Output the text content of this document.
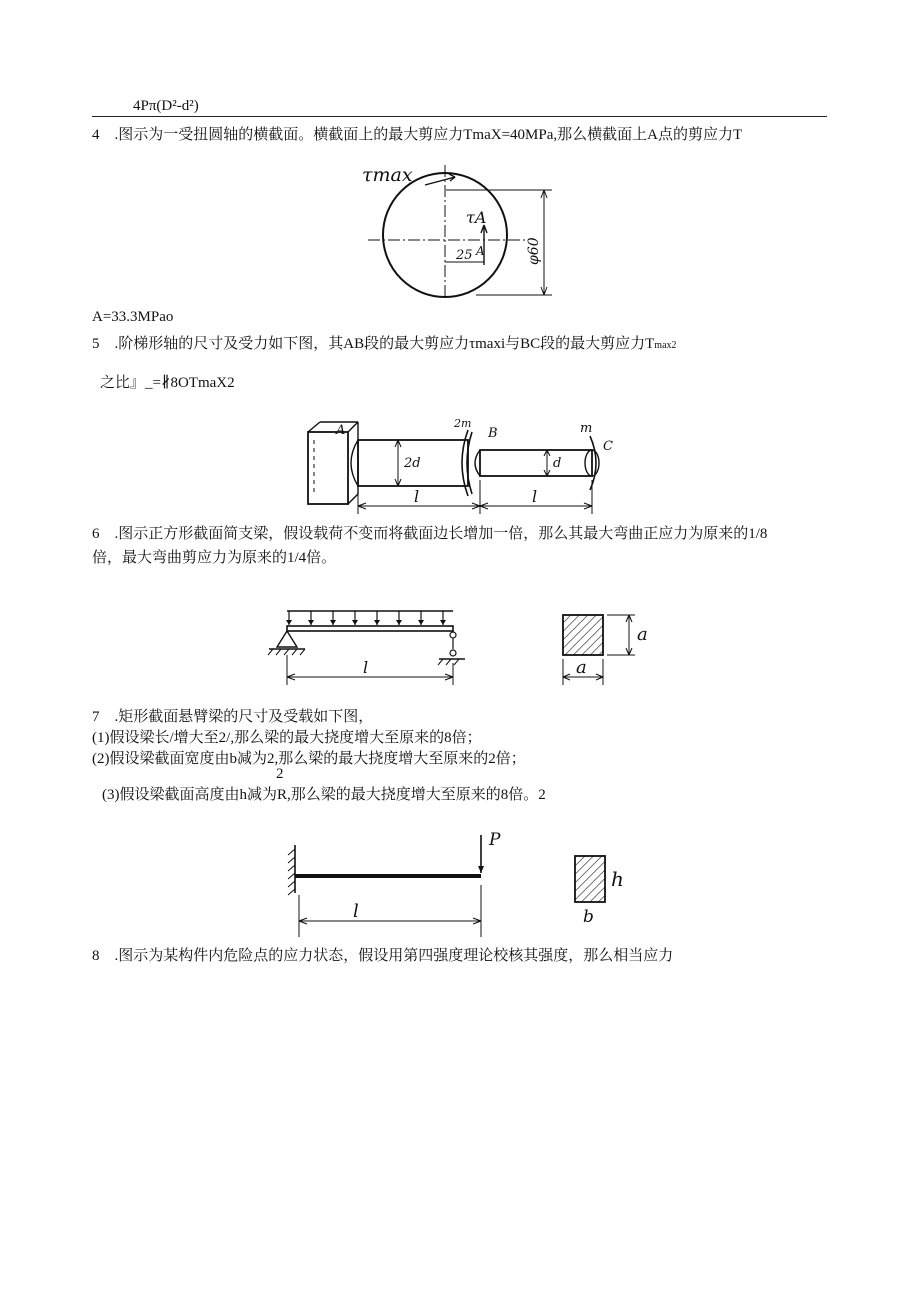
4Pπ(D²-d²)
4　.图示为一受扭圆轴的横截面。横截面上的最大剪应力TmaX=40MPa,那么横截面上A点的剪应力T
τmax
τA
25 A	φ60
A=33.3MPao
5　.阶梯形轴的尺寸及受力如下图，其AB段的最大剪应力τmaxi与BC段的最大剪应力Tmax2
之比』_=∦8OTmaX2
A
2d
2m
B
d
m
C
l	l
6　.图示正方形截面简支梁，假设载荷不变而将截面边长增加一倍，那么其最大弯曲正应力为原来的1/8
倍，最大弯曲剪应力为原来的1/4倍。
l
a
a
7　.矩形截面悬臂梁的尺寸及受载如下图，
(1)假设梁长/增大至2/,那么梁的最大挠度增大至原来的8倍；
(2)假设梁截面宽度由b减为2,那么梁的最大挠度增大至原来的2倍；
2
(3)假设梁截面高度由h减为R,那么梁的最大挠度增大至原来的8倍。2
P
l
h
b
8　.图示为某构件内危险点的应力状态，假设用第四强度理论校核其强度，那么相当应力
